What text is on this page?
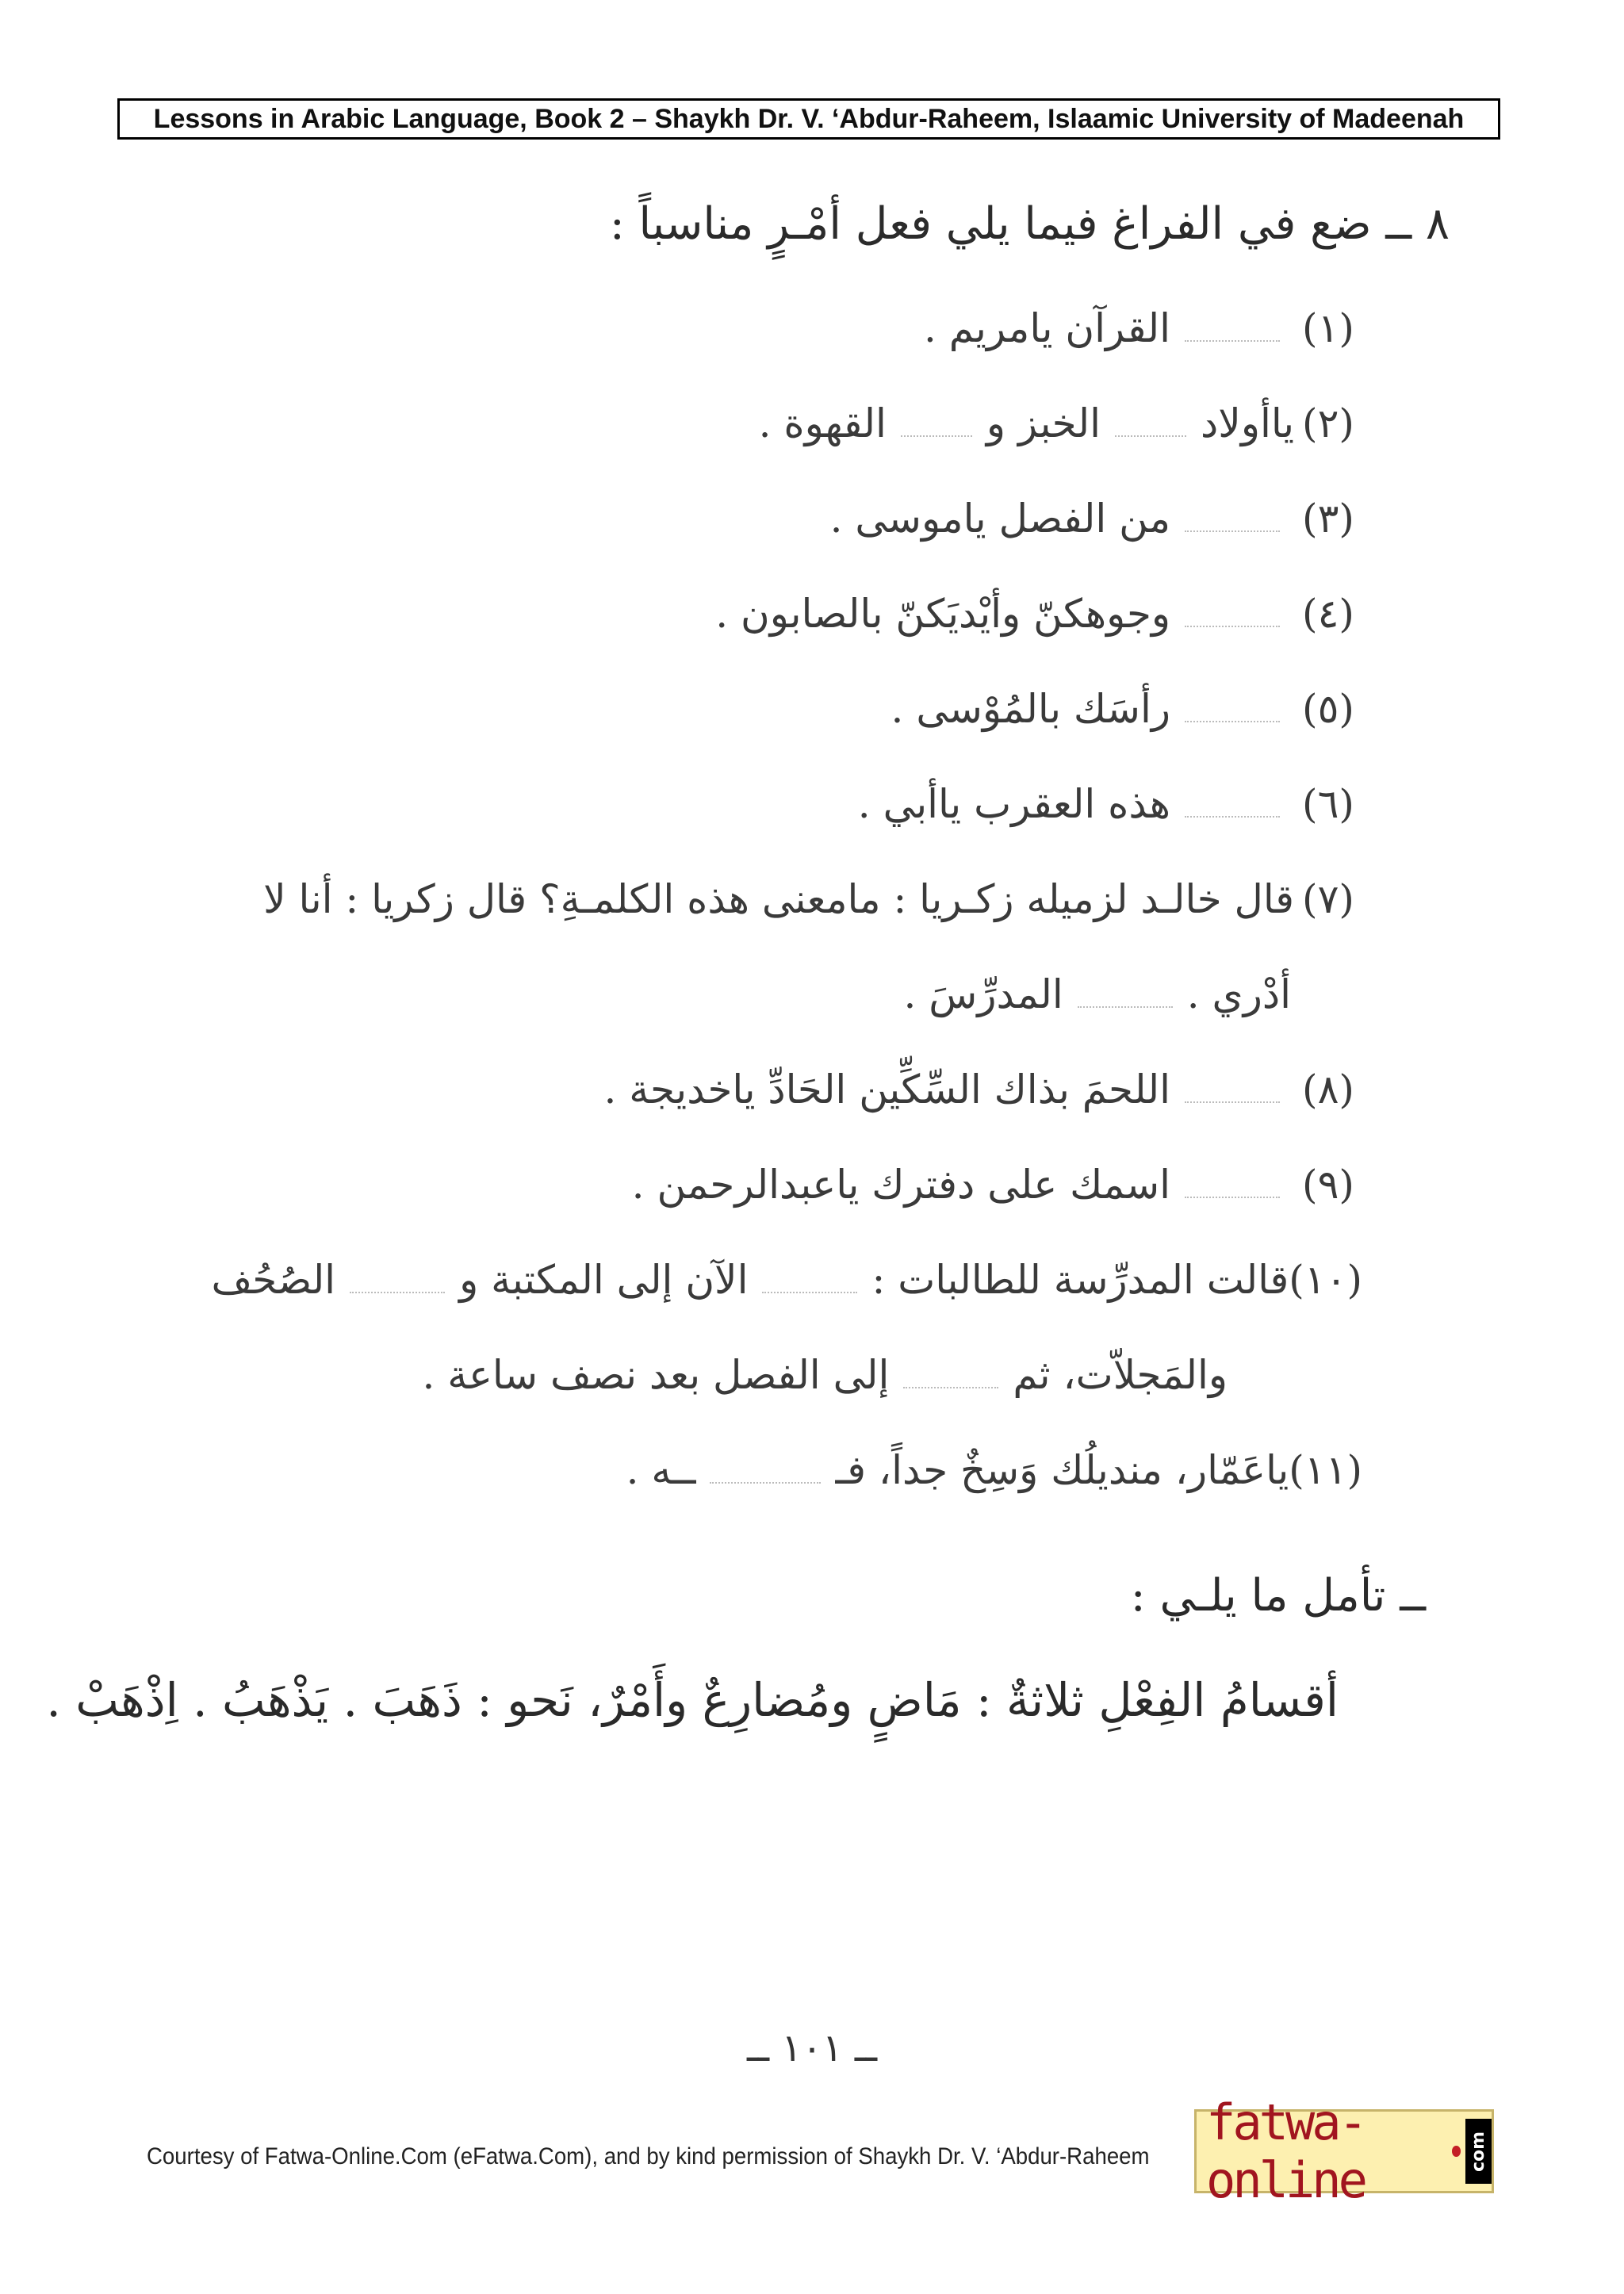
Lessons in Arabic Language, Book 2 – Shaykh Dr. V. ‘Abdur-Raheem, Islaamic University of Madeenah
٨ ــ ضع في الفراغ فيما يلي فعل أمْـرٍ مناسباً :
(١)
القرآن يامريم .
(٢)
ياأولاد
الخبز و
القهوة .
(٣)
من الفصل ياموسى .
(٤)
وجوهكنّ وأيْديَكنّ بالصابون .
(٥)
رأسَك بالمُوْسى .
(٦)
هذه العقرب ياأبي .
(٧)
قال خالـد لزميله زكـريا : مامعنى هذه الكلمـةِ؟ قال زكريا : أنا لا
أدْري .
المدرِّسَ .
(٨)
اللحمَ بذاك السِّكِّين الحَادِّ ياخديجة .
(٩)
اسمك على دفترك ياعبدالرحمن .
(١٠)
قالت المدرِّسة للطالبات :
الآن إلى المكتبة و
الصُحُف
والمَجلاّت، ثم
إلى الفصل بعد نصف ساعة .
(١١)
ياعَمّار، منديلُك وَسِخٌ جداً، فـ
ــه .
ــ تأمل ما يلـي :
أقسامُ الفِعْلِ ثلاثةٌ : مَاضٍ ومُضارِعٌ وأَمْرٌ، نَحو : ذَهَبَ . يَذْهَبُ . اِذْهَبْ .
ــ ١٠١ ــ
Courtesy of Fatwa-Online.Com (eFatwa.Com), and by kind permission of Shaykh Dr. V. ‘Abdur-Raheem
fatwa-online	com
